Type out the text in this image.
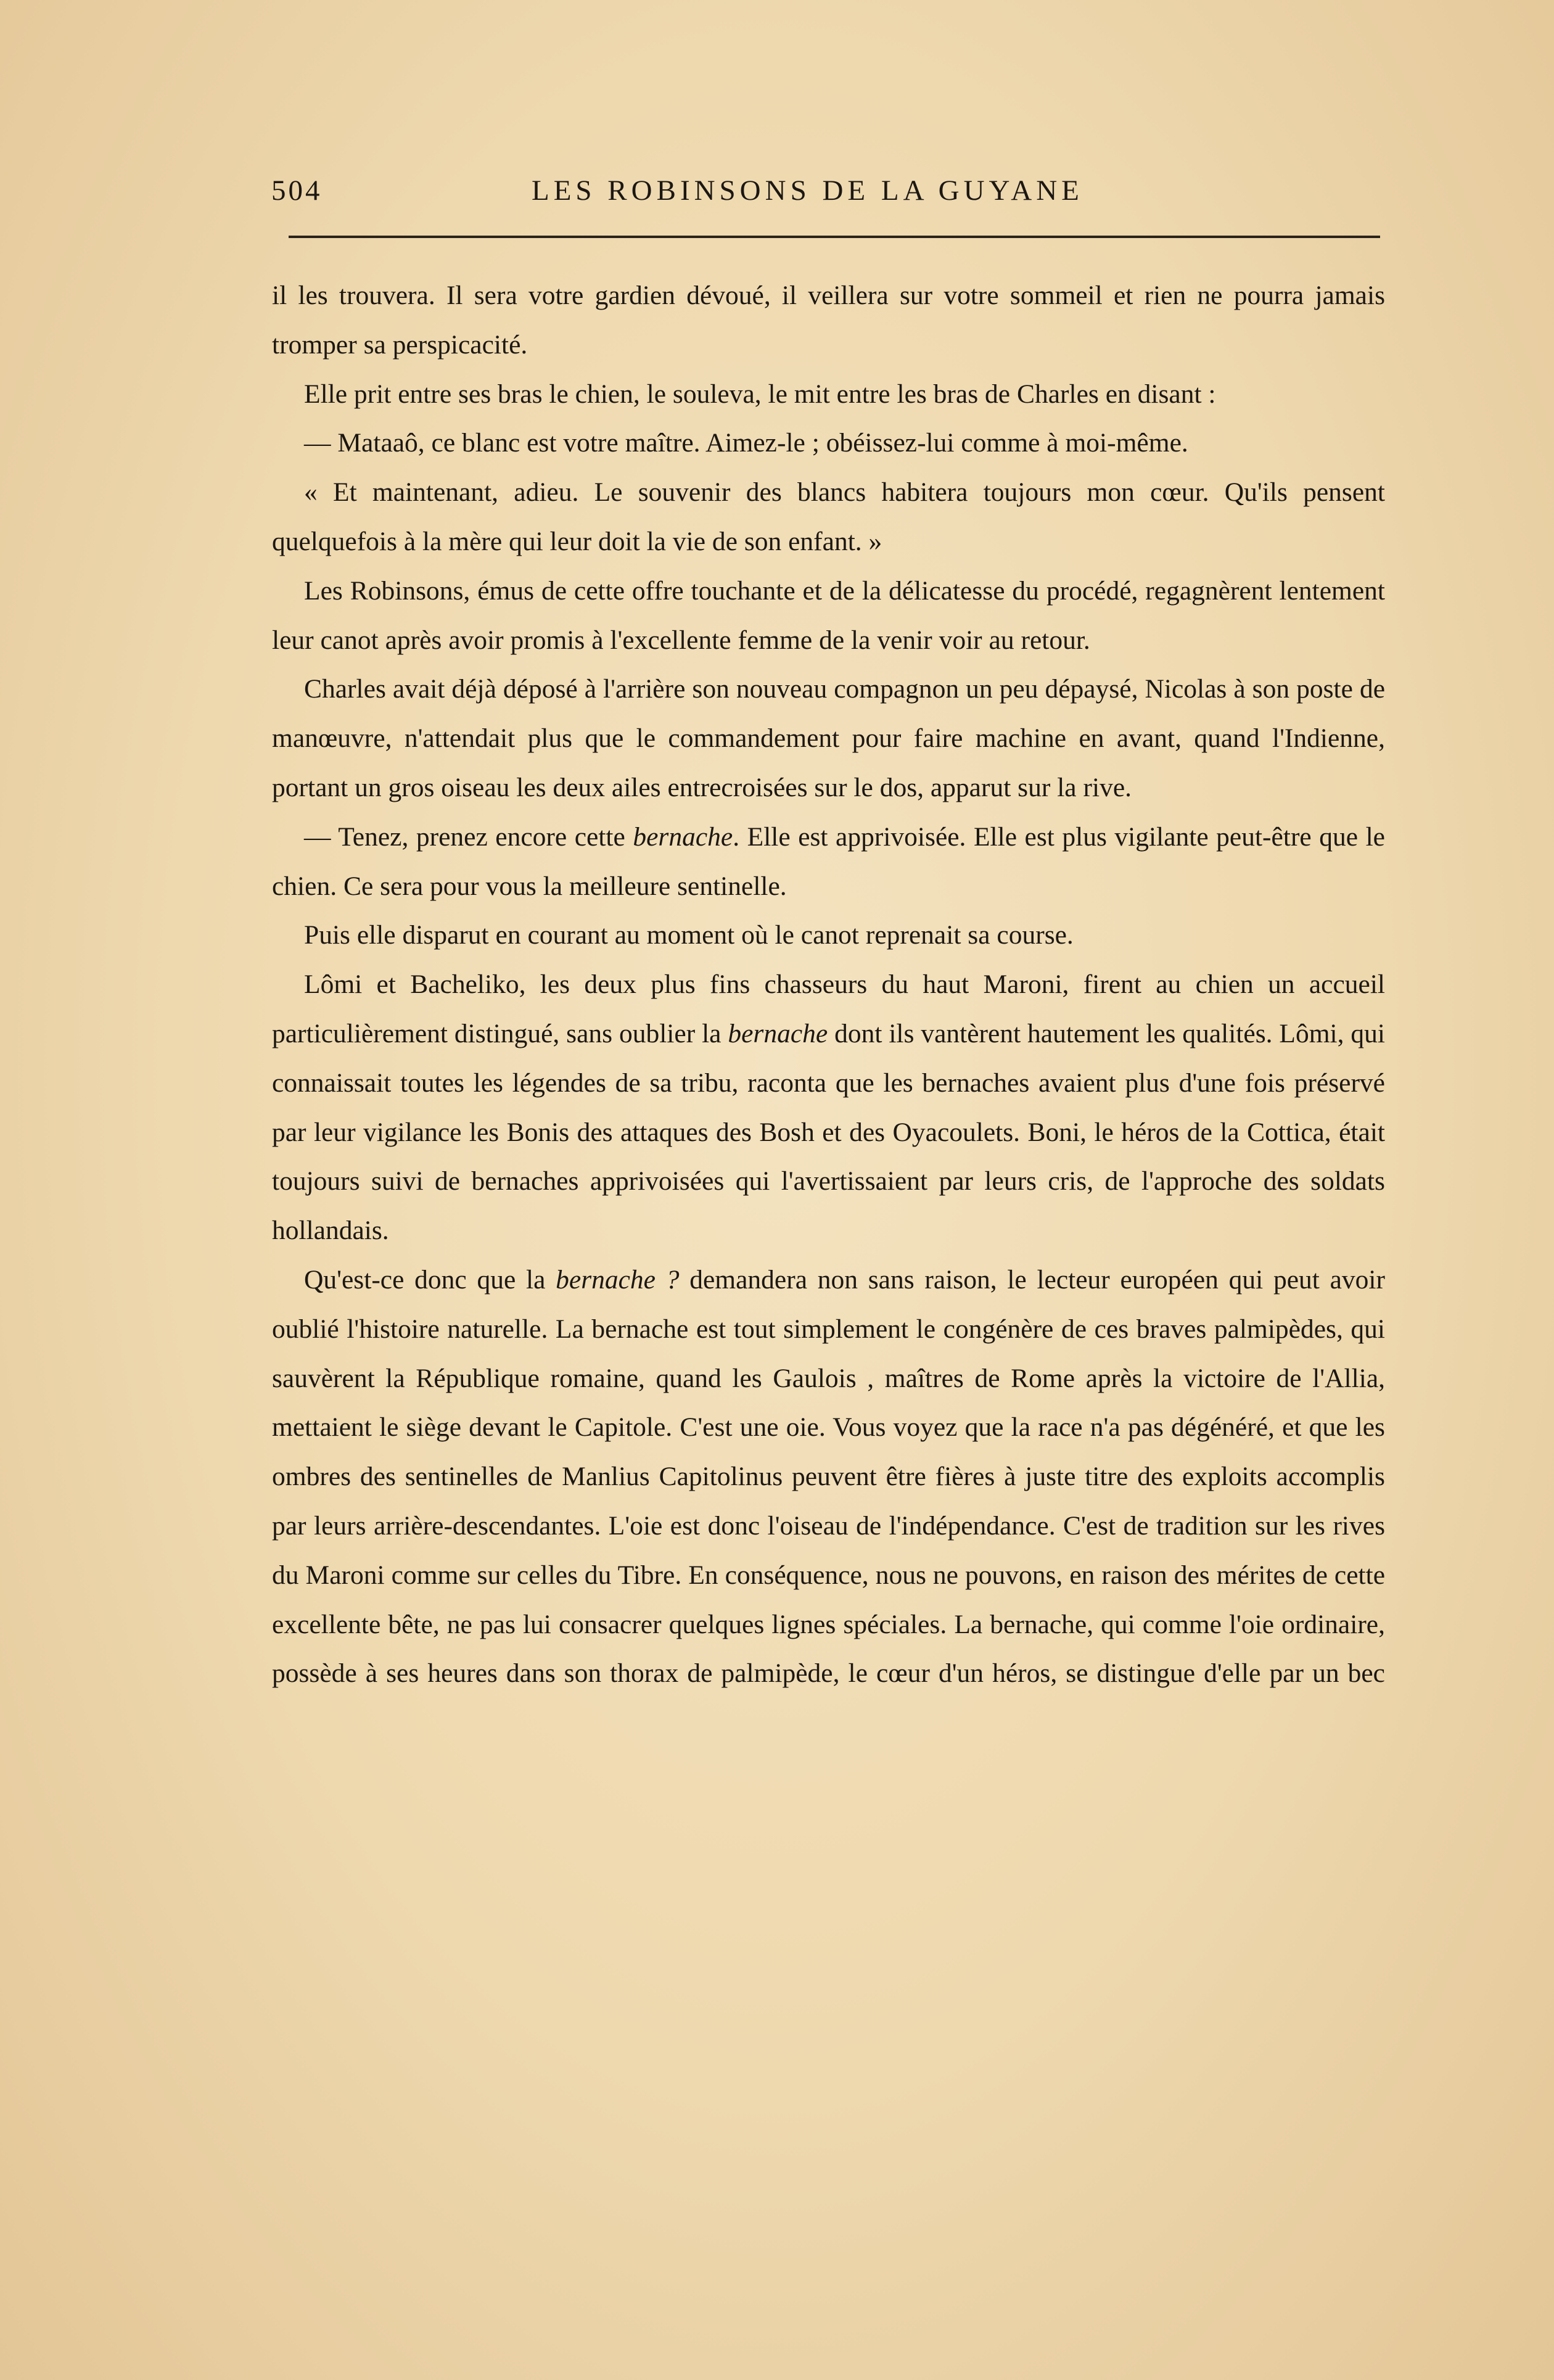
504	LES ROBINSONS DE LA GUYANE

il les trouvera. Il sera votre gardien dévoué, il veillera sur votre sommeil et rien ne pourra jamais tromper sa perspicacité.

Elle prit entre ses bras le chien, le souleva, le mit entre les bras de Charles en disant :

— Mataaô, ce blanc est votre maître. Aimez-le ; obéissez-lui comme à moi-même.

« Et maintenant, adieu. Le souvenir des blancs habitera toujours mon cœur. Qu'ils pensent quelquefois à la mère qui leur doit la vie de son enfant. »

Les Robinsons, émus de cette offre touchante et de la délicatesse du procédé, regagnèrent lentement leur canot après avoir promis à l'excellente femme de la venir voir au retour.

Charles avait déjà déposé à l'arrière son nouveau compagnon un peu dépaysé, Nicolas à son poste de manœuvre, n'attendait plus que le commandement pour faire machine en avant, quand l'Indienne, portant un gros oiseau les deux ailes entrecroisées sur le dos, apparut sur la rive.

— Tenez, prenez encore cette bernache. Elle est apprivoisée. Elle est plus vigilante peut-être que le chien. Ce sera pour vous la meilleure sentinelle.

Puis elle disparut en courant au moment où le canot reprenait sa course.

Lômi et Bacheliko, les deux plus fins chasseurs du haut Maroni, firent au chien un accueil particulièrement distingué, sans oublier la bernache dont ils vantèrent hautement les qualités. Lômi, qui connaissait toutes les légendes de sa tribu, raconta que les bernaches avaient plus d'une fois préservé par leur vigilance les Bonis des attaques des Bosh et des Oyacoulets. Boni, le héros de la Cottica, était toujours suivi de bernaches apprivoisées qui l'avertissaient par leurs cris, de l'approche des soldats hollandais.

Qu'est-ce donc que la bernache ? demandera non sans raison, le lecteur européen qui peut avoir oublié l'histoire naturelle. La bernache est tout simplement le congénère de ces braves palmipèdes, qui sauvèrent la République romaine, quand les Gaulois , maîtres de Rome après la victoire de l'Allia, mettaient le siège devant le Capitole. C'est une oie. Vous voyez que la race n'a pas dégénéré, et que les ombres des sentinelles de Manlius Capitolinus peuvent être fières à juste titre des exploits accomplis par leurs arrière-descendantes. L'oie est donc l'oiseau de l'indépendance. C'est de tradition sur les rives du Maroni comme sur celles du Tibre. En conséquence, nous ne pouvons, en raison des mérites de cette excellente bête, ne pas lui consacrer quelques lignes spéciales. La bernache, qui comme l'oie ordinaire, possède à ses heures dans son thorax de palmipède, le cœur d'un héros, se distingue d'elle par un bec
